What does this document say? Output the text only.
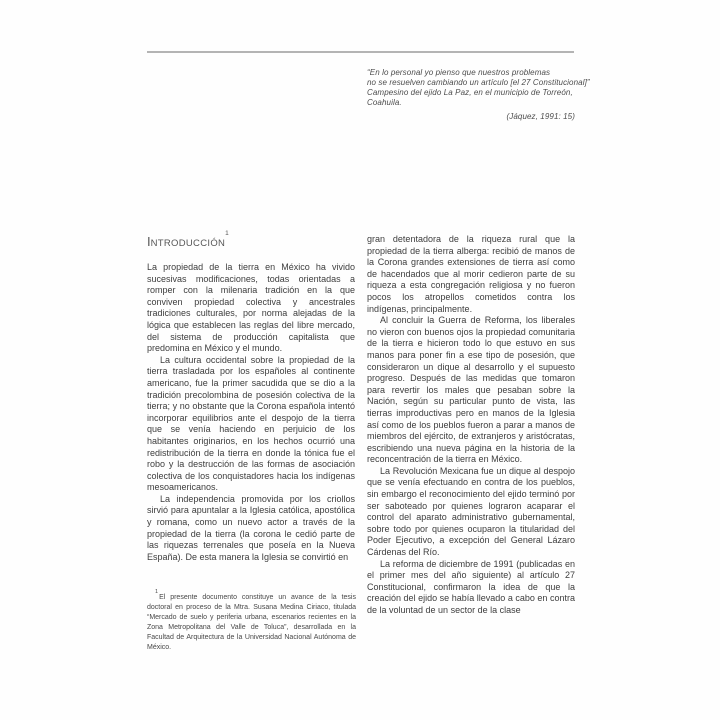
“En lo personal yo pienso que nuestros problemas
no se resuelven cambiando un artículo [el 27 Constitucional]”
Campesino del ejido La Paz, en el municipio de Torreón,
Coahuila.
(Jáquez, 1991: 15)
INTRODUCCIÓN$^1$

La propiedad de la tierra en México ha vivido sucesivas modificaciones, todas orientadas a romper con la milenaria tradición en la que conviven propiedad colectiva y ancestrales tradiciones culturales, por norma alejadas de la lógica que establecen las reglas del libre mercado, del sistema de producción capitalista que predomina en México y el mundo.

La cultura occidental sobre la propiedad de la tierra trasladada por los españoles al continente americano, fue la primer sacudida que se dio a la tradición precolombina de posesión colectiva de la tierra; y no obstante que la Corona española intentó incorporar equilibrios ante el despojo de la tierra que se venía haciendo en perjuicio de los habitantes originarios, en los hechos ocurrió una redistribución de la tierra en donde la tónica fue el robo y la destrucción de las formas de asociación colectiva de los conquistadores hacia los indígenas mesoamericanos.

La independencia promovida por los criollos sirvió para apuntalar a la Iglesia católica, apostólica y romana, como un nuevo actor a través de la propiedad de la tierra (la corona le cedió parte de las riquezas terrenales que poseía en la Nueva España). De esta manera la Iglesia se convirtió en

gran detentadora de la riqueza rural que la propiedad de la tierra alberga: recibió de manos de la Corona grandes extensiones de tierra así como de hacendados que al morir cedieron parte de su riqueza a esta congregación religiosa y no fueron pocos los atropellos cometidos contra los indígenas, principalmente.

Al concluir la Guerra de Reforma, los liberales no vieron con buenos ojos la propiedad comunitaria de la tierra e hicieron todo lo que estuvo en sus manos para poner fin a ese tipo de posesión, que consideraron un dique al desarrollo y el supuesto progreso. Después de las medidas que tomaron para revertir los males que pesaban sobre la Nación, según su particular punto de vista, las tierras improductivas pero en manos de la Iglesia así como de los pueblos fueron a parar a manos de miembros del ejército, de extranjeros y aristócratas, escribiendo una nueva página en la historia de la reconcentración de la tierra en México.

La Revolución Mexicana fue un dique al despojo que se venía efectuando en contra de los pueblos, sin embargo el reconocimiento del ejido terminó por ser saboteado por quienes lograron acaparar el control del aparato administrativo gubernamental, sobre todo por quienes ocuparon la titularidad del Poder Ejecutivo, a excepción del General Lázaro Cárdenas del Río.

La reforma de diciembre de 1991 (publicadas en el primer mes del año siguiente) al artículo 27 Constitucional, confirmaron la idea de que la creación del ejido se había llevado a cabo en contra de la voluntad de un sector de la clase

$^1$El presente documento constituye un avance de la tesis doctoral en proceso de la Mtra. Susana Medina Ciriaco, titulada “Mercado de suelo y periferia urbana, escenarios recientes en la Zona Metropolitana del Valle de Toluca”, desarrollada en la Facultad de Arquitectura de la Universidad Nacional Autónoma de México.
